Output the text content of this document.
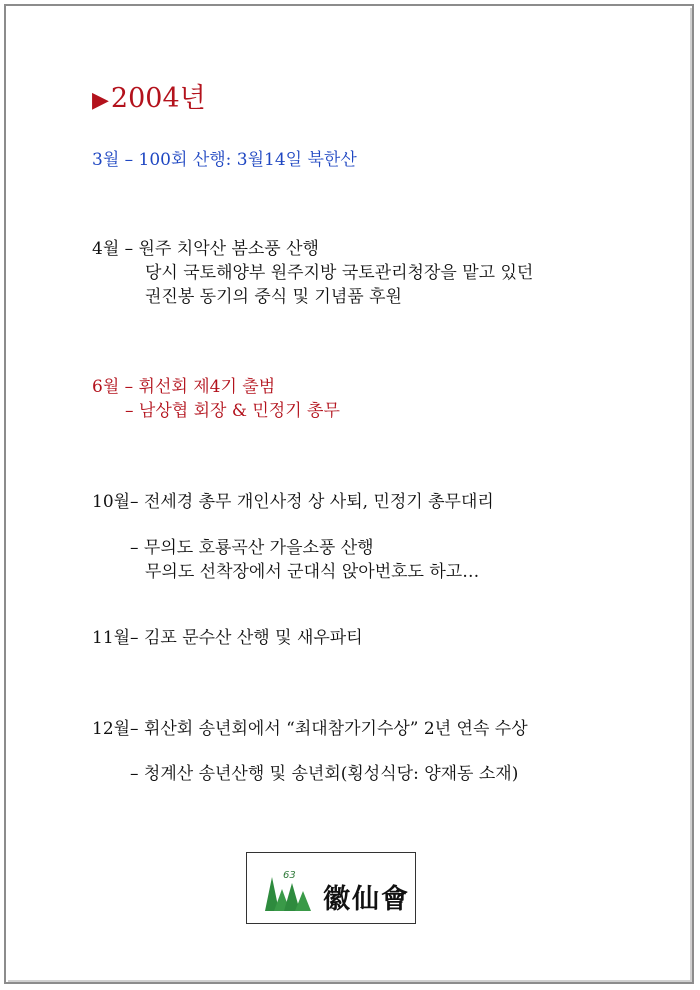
▶2004년
3월 – 100회 산행: 3월14일 북한산
4월 – 원주 치악산 봄소풍 산행
당시 국토해양부 원주지방 국토관리청장을 맡고 있던
권진봉 동기의 중식 및 기념품 후원
6월 – 휘선회 제4기 출범
– 남상협 회장 & 민정기 총무
10월– 전세경 총무 개인사정 상 사퇴, 민정기 총무대리
– 무의도 호룡곡산 가을소풍 산행
무의도 선착장에서 군대식 앉아번호도 하고…
11월– 김포 문수산 산행 및 새우파티
12월– 휘산회 송년회에서 “최대참가기수상” 2년 연속 수상
– 청계산 송년산행 및 송년회(횡성식당: 양재동 소재)
63
徽仙會
